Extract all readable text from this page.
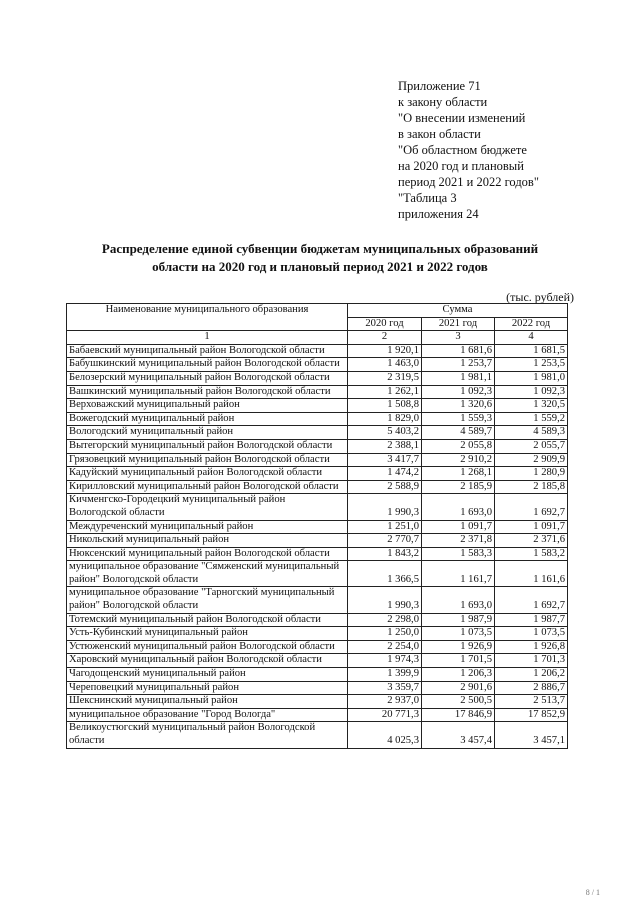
Приложение 71
к закону области
"О внесении изменений
в закон области
"Об областном бюджете
на 2020 год и плановый
период 2021 и 2022 годов"
"Таблица 3
приложения 24
Распределение единой субвенции бюджетам муниципальных образований
области на 2020 год и плановый период 2021 и 2022 годов
(тыс. рублей)
Наименование муниципального образования	Сумма		
	2020 год	2021 год	2022 год
1	2	3	4
Бабаевский муниципальный район Вологодской области	1 920,1	1 681,6	1 681,5
Бабушкинский муниципальный район Вологодской области	1 463,0	1 253,7	1 253,5
Белозерский муниципальный район Вологодской области	2 319,5	1 981,1	1 981,0
Вашкинский муниципальный район Вологодской области	1 262,1	1 092,3	1 092,3
Верховажский муниципальный район	1 508,8	1 320,6	1 320,5
Вожегодский муниципальный район	1 829,0	1 559,3	1 559,2
Вологодский муниципальный район	5 403,2	4 589,7	4 589,3
Вытегорский муниципальный район Вологодской области	2 388,1	2 055,8	2 055,7
Грязовецкий муниципальный район Вологодской области	3 417,7	2 910,2	2 909,9
Кадуйский муниципальный район Вологодской области	1 474,2	1 268,1	1 280,9
Кирилловский муниципальный район Вологодской области	2 588,9	2 185,9	2 185,8
Кичменгско-Городецкий муниципальный район Вологодской области	1 990,3	1 693,0	1 692,7
Междуреченский муниципальный район	1 251,0	1 091,7	1 091,7
Никольский муниципальный район	2 770,7	2 371,8	2 371,6
Нюксенский муниципальный район Вологодской области	1 843,2	1 583,3	1 583,2
муниципальное образование "Сямженский муниципальный район" Вологодской области	1 366,5	1 161,7	1 161,6
муниципальное образование "Тарногский муниципальный район" Вологодской области	1 990,3	1 693,0	1 692,7
Тотемский муниципальный район Вологодской области	2 298,0	1 987,9	1 987,7
Усть-Кубинский муниципальный район	1 250,0	1 073,5	1 073,5
Устюженский муниципальный район Вологодской области	2 254,0	1 926,9	1 926,8
Харовский муниципальный район Вологодской области	1 974,3	1 701,5	1 701,3
Чагодощенский муниципальный район	1 399,9	1 206,3	1 206,2
Череповецкий муниципальный район	3 359,7	2 901,6	2 886,7
Шекснинский муниципальный район	2 937,0	2 500,5	2 513,7
муниципальное образование "Город Вологда"	20 771,3	17 846,9	17 852,9
Великоустюгский муниципальный район Вологодской области	4 025,3	3 457,4	3 457,1
8 / 1
